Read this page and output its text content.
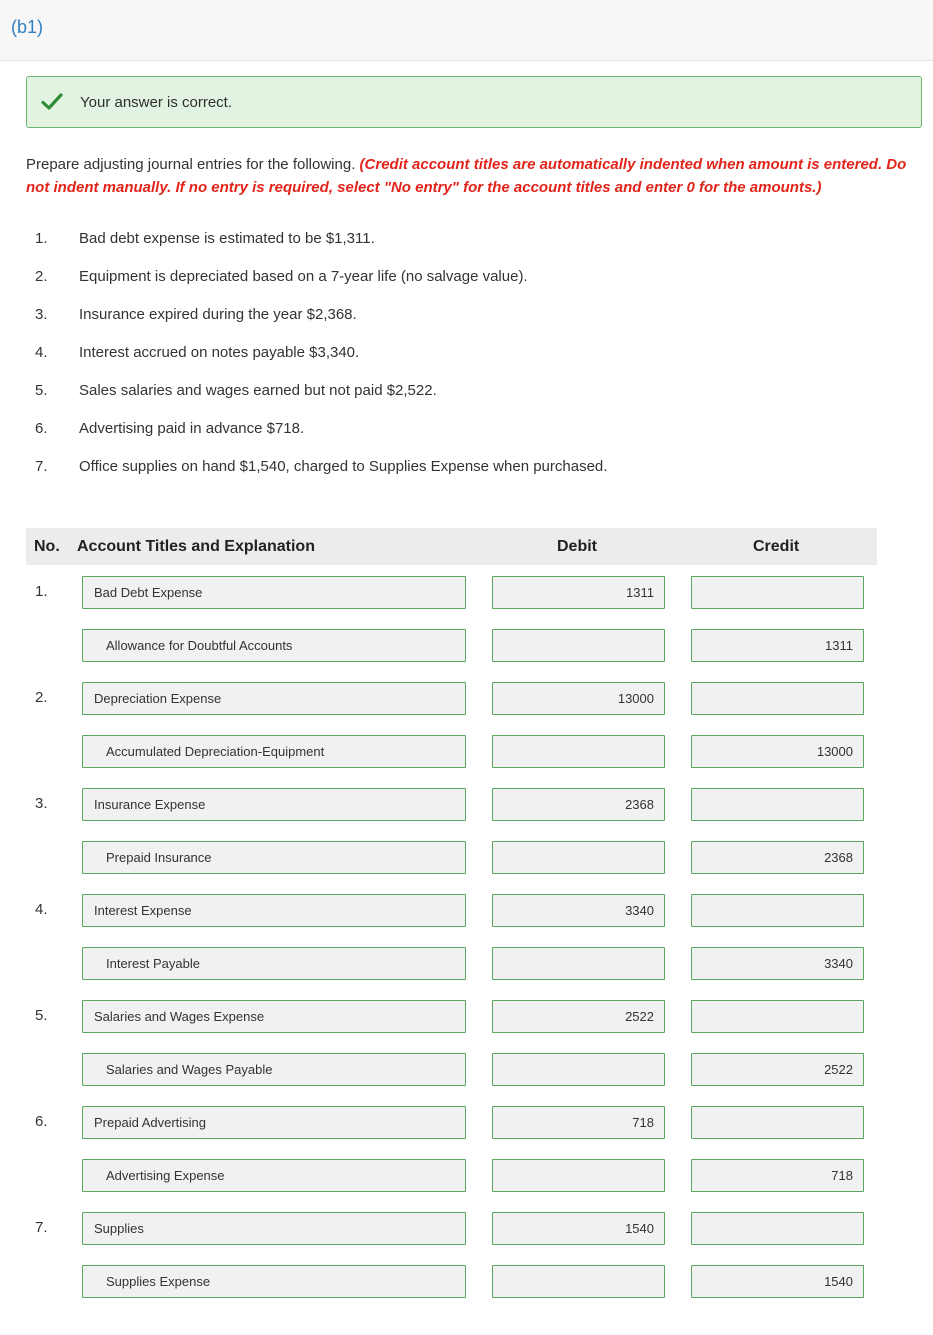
(b1)
Your answer is correct.
Prepare adjusting journal entries for the following. (Credit account titles are automatically indented when amount is entered. Do not indent manually. If no entry is required, select "No entry" for the account titles and enter 0 for the amounts.)
1. Bad debt expense is estimated to be $1,311.
2. Equipment is depreciated based on a 7-year life (no salvage value).
3. Insurance expired during the year $2,368.
4. Interest accrued on notes payable $3,340.
5. Sales salaries and wages earned but not paid $2,522.
6. Advertising paid in advance $718.
7. Office supplies on hand $1,540, charged to Supplies Expense when purchased.
No. Account Titles and Explanation	Debit	Credit
1.
Bad Debt Expense
1311
Allowance for Doubtful Accounts
1311
2.
Depreciation Expense
13000
Accumulated Depreciation-Equipment
13000
3.
Insurance Expense
2368
Prepaid Insurance
2368
4.
Interest Expense
3340
Interest Payable
3340
5.
Salaries and Wages Expense
2522
Salaries and Wages Payable
2522
6.
Prepaid Advertising
718
Advertising Expense
718
7.
Supplies
1540
Supplies Expense
1540
